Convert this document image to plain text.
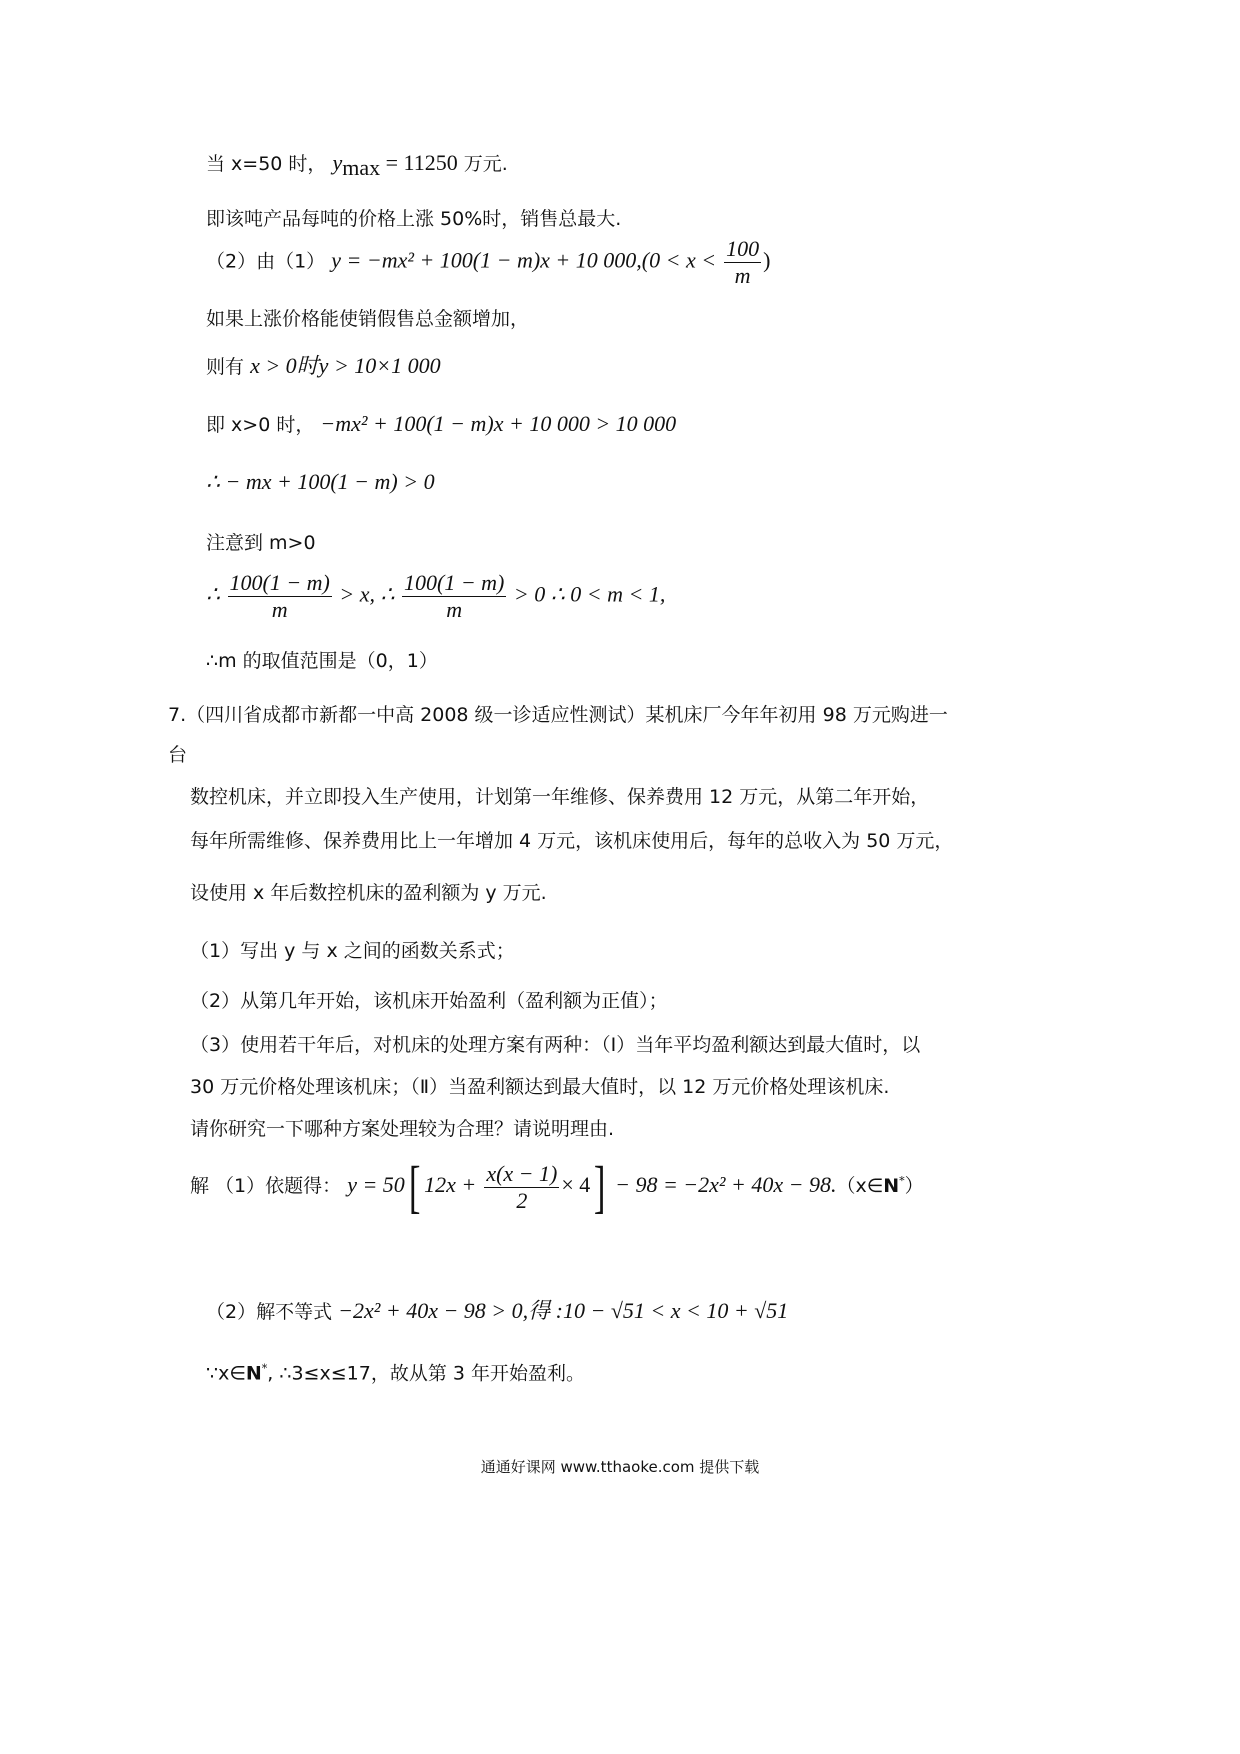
当 x=50 时， $y_{max} = 11250$ 万元.
即该吨产品每吨的价格上涨 50%时，销售总最大.
（2）由（1） y = −mx² + 100(1 − m)x + 10 $000,(0 < x < \frac{100}{m}$ )
如果上涨价格能使销假售总金额增加，
则有 x > 0时y > 10×1 000
即 x>0 时， −mx² + 100(1 − m)x + 10 000 > 10 000
∴ − mx + 100(1 − m) > 0
注意到 m>0
∴ $\frac{100(1 - m)}{m} > x$, ∴ $\frac{100(1 - m)}{m} > 0$ ∴ 0 < m < 1,
∴m 的取值范围是（0，1）
7.（四川省成都市新都一中高 2008 级一诊适应性测试）某机床厂今年年初用 98 万元购进一
台
数控机床，并立即投入生产使用，计划第一年维修、保养费用 12 万元，从第二年开始，
每年所需维修、保养费用比上一年增加 4 万元，该机床使用后，每年的总收入为 50 万元，
设使用 x 年后数控机床的盈利额为 y 万元.
（1）写出 y 与 x 之间的函数关系式；
（2）从第几年开始，该机床开始盈利（盈利额为正值）；
（3）使用若干年后，对机床的处理方案有两种：（Ⅰ）当年平均盈利额达到最大值时，以
30 万元价格处理该机床；（Ⅱ）当盈利额达到最大值时，以 12 万元价格处理该机床.
请你研究一下哪种方案处理较为合理？请说明理由.
解 （1）依题得： y = 50[ $12x + \frac{x(x - 1)}{2} \times 4] - 98 = -2x^2 + 40x$ − 98.（x∈N*）
（2）解不等式 −2x² + 40x − 98 > 0,得 :10 − √51 < x < 10 + √51
∵x∈N*, ∴3≤x≤17，故从第 3 年开始盈利。
通通好课网 www.tthaoke.com 提供下载
